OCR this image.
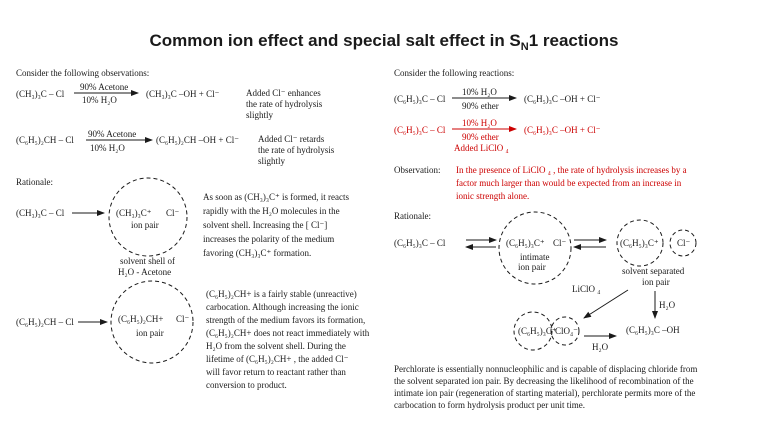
Common ion effect and special salt effect in $S_N1$ reactions
Consider the following observations:
(CH₃)₃C – Cl
90% Acetone
10% H₂O
(CH₃)₃C –OH + Cl⁻	Added Cl⁻ enhances
the rate of hydrolysis
slightly
(C₆H₅)₂CH – Cl
90% Acetone
10% H₂O
(C₆H₅)₂CH –OH + Cl⁻ Added Cl⁻ retards
the rate of hydrolysis
slightly
Rationale:
(CH₃)₃C – Cl	(CH₃)₃C⁺ Cl⁻
ion pair
solvent shell of
H₂O - Acetone
As soon as (CH₃)₃C⁺ is formed, it reacts
rapidly with the H₂O molecules in the
solvent shell. Increasing the [ Cl⁻]
increases the polarity of the medium
favoring (CH₃)₃C⁺ formation.
(C₆H₅)₂CH – Cl	(C₆H₅)₂CH+ Cl⁻
ion pair
(C₆H₅)₂CH+ is a fairly stable (unreactive)
carbocation. Although increasing the ionic
strength of the medium favors its formation,
(C₆H₅)₂CH+ does not react immediately with
H₂O from the solvent shell. During the
lifetime of (C₆H₅)₂CH+ , the added Cl⁻
will favor return to reactant rather than
conversion to product.
Consider the following reactions:
(C₆H₅)₃C – Cl
10% H₂O
90% ether
(C₆H₅)₃C –OH + Cl⁻
(C₆H₅)₃C – Cl
10% H₂O
90% ether
Added LiClO ₄
(C₆H₅)₃C –OH + Cl⁻
Observation: In the presence of LiClO ₄ , the rate of hydrolysis increases by a
factor much larger than would be expected from an increase in
ionic strength alone.
Rationale:
(C₆H₅)₃C – Cl	(C₆H₅)₃C⁺ Cl⁻
intimate
ion pair
(C₆H₅)₃C⁺ Cl⁻
solvent separated
ion pair
LiClO ₄
H₂O
(C₆H₅)₃C –OH
(C₆H₅)₃C⁺
ClO₄⁻
H₂O
Perchlorate is essentially nonnucleophilic and is capable of displacing chloride from
the solvent separated ion pair. By decreasing the likelihood of recombination of the
intimate ion pair (regeneration of starting material), perchlorate permits more of the
carbocation to form hydrolysis product per unit time.
